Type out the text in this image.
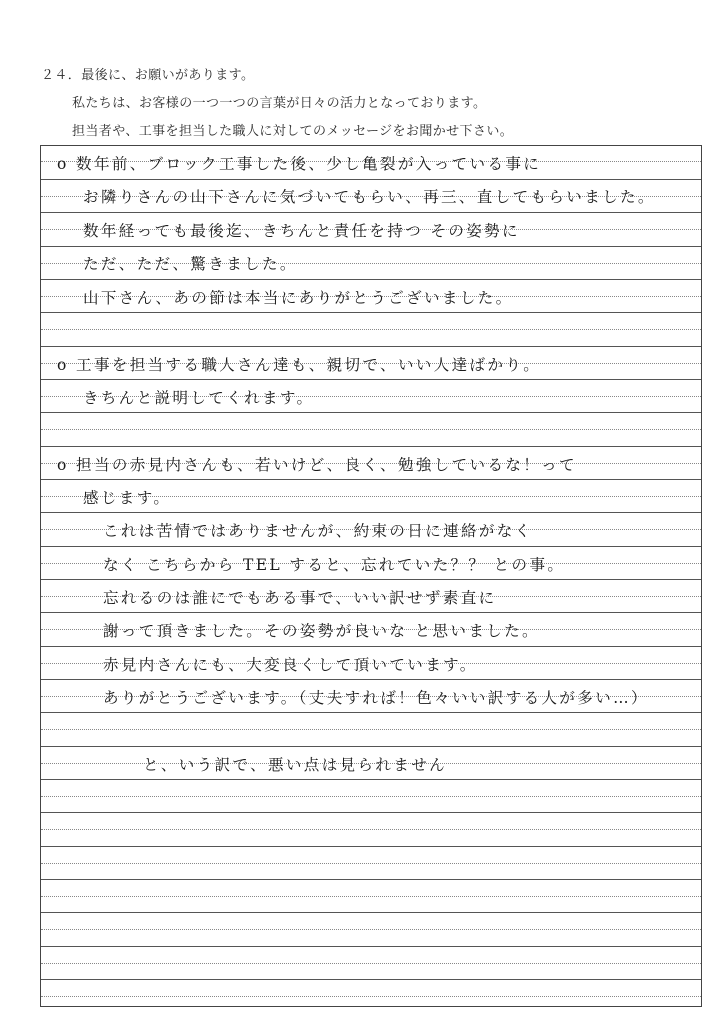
２４．最後に、お願いがあります。
私たちは、お客様の一つ一つの言葉が日々の活力となっております。
担当者や、工事を担当した職人に対してのメッセージをお聞かせ下さい。
o 数年前、ブロック工事した後、少し亀裂が入っている事に
お隣りさんの山下さんに気づいてもらい、再三、直してもらいました。
数年経っても最後迄、きちんと責任を持つ その姿勢に
ただ、ただ、驚きました。
山下さん、あの節は本当にありがとうございました。
o 工事を担当する職人さん達も、親切で、いい人達ばかり。
きちんと説明してくれます。
o 担当の赤見内さんも、若いけど、良く、勉強しているな！って
感じます。
これは苦情ではありませんが、約束の日に連絡がなく
なく こちらから TEL すると、忘れていた？？ との事。
忘れるのは誰にでもある事で、いい訳せず素直に
謝って頂きました。その姿勢が良いな と思いました。
赤見内さんにも、大変良くして頂いています。
ありがとうございます。（丈夫すれば！色々いい訳する人が多い…）
と、いう訳で、悪い点は見られません
